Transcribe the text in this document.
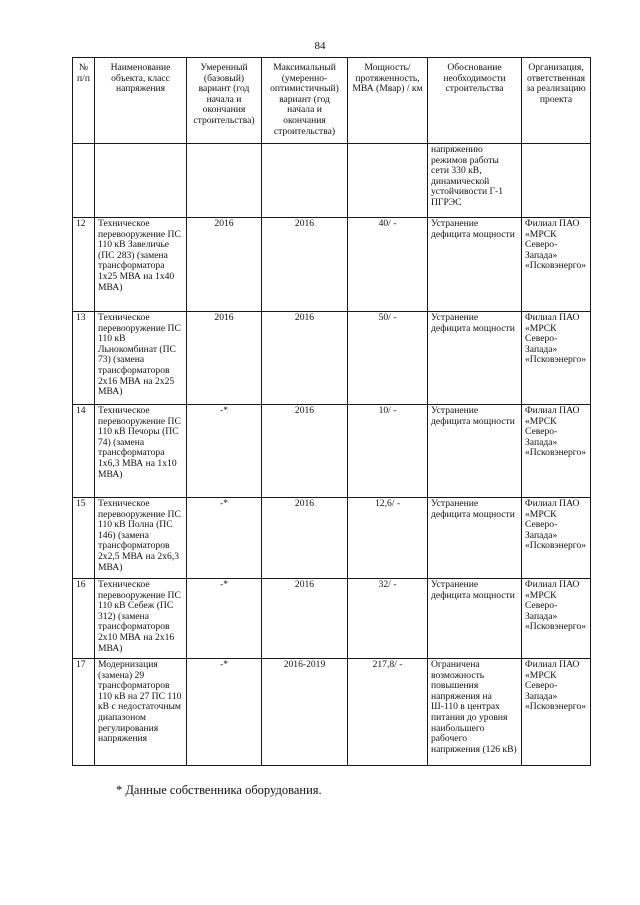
84
№ п/п	Наименование объекта, класс напряжения	Умеренный (базовый) вариант (год начала и окончания строительства)	Максимальный (умеренно-оптимистичный) вариант (год начала и окончания строительства)	Мощность/ протяженность, МВА (Мвар) / км	Обоснование необходимости строительства	Организация, ответственная за реализацию проекта
					напряжению режимов работы сети 330 кВ, динамической устойчивости Г-1 ПГРЭС	
12	Техническое перевооружение ПС 110 кВ Завеличье (ПС 283) (замена трансформатора 1х25 МВА на 1х40 МВА)	2016	2016	40/ -	Устранение дефицита мощности	Филиал ПАО «МРСК Северо-Запада» «Псковэнерго»
13	Техническое перевооружение ПС 110 кВ Льнокомбинат (ПС 73) (замена трансформаторов 2х16 МВА на 2х25 МВА)	2016	2016	50/ -	Устранение дефицита мощности	Филиал ПАО «МРСК Северо-Запада» «Псковэнерго»
14	Техническое перевооружение ПС 110 кВ Печоры (ПС 74) (замена трансформатора 1х6,3 МВА на 1х10 МВА)	-*	2016	10/ -	Устранение дефицита мощности	Филиал ПАО «МРСК Северо-Запада» «Псковэнерго»
15	Техническое перевооружение ПС 110 кВ Полна (ПС 146) (замена трансформаторов 2х2,5 МВА на 2х6,3 МВА)	-*	2016	12,6/ -	Устранение дефицита мощности	Филиал ПАО «МРСК Северо-Запада» «Псковэнерго»
16	Техническое перевооружение ПС 110 кВ Себеж (ПС 312) (замена трансформаторов 2х10 МВА на 2х16 МВА)	-*	2016	32/ -	Устранение дефицита мощности	Филиал ПАО «МРСК Северо-Запада» «Псковэнерго»
17	Модернизация (замена) 29 трансформаторов 110 кВ на 27 ПС 110 кВ с недостаточным диапазоном регулирования напряжения	-*	2016-2019	217,8/ -	Ограничена возможность повышения напряжения на Ш-110 в центрах питания до уровня наибольшего рабочего напряжения (126 кВ)	Филиал ПАО «МРСК Северо-Запада» «Псковэнерго»
* Данные собственника оборудования.
